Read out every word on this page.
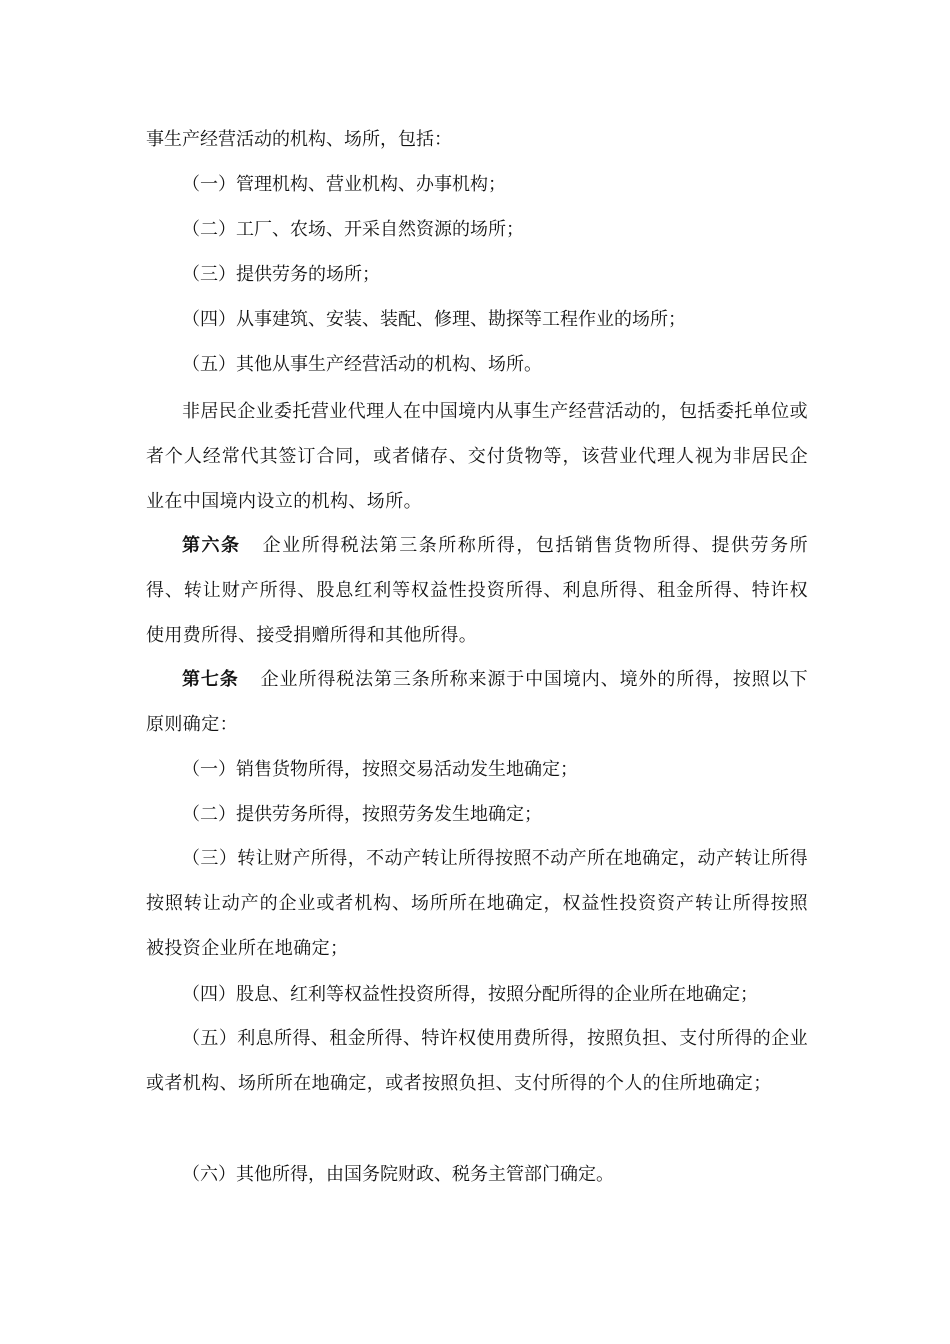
事生产经营活动的机构、场所，包括：
（一）管理机构、营业机构、办事机构；
（二）工厂、农场、开采自然资源的场所；
（三）提供劳务的场所；
（四）从事建筑、安装、装配、修理、勘探等工程作业的场所；
（五）其他从事生产经营活动的机构、场所。

非居民企业委托营业代理人在中国境内从事生产经营活动的，包括委托单位或者个人经常代其签订合同，或者储存、交付货物等，该营业代理人视为非居民企业在中国境内设立的机构、场所。

第六条 企业所得税法第三条所称所得，包括销售货物所得、提供劳务所得、转让财产所得、股息红利等权益性投资所得、利息所得、租金所得、特许权使用费所得、接受捐赠所得和其他所得。

第七条 企业所得税法第三条所称来源于中国境内、境外的所得，按照以下原则确定：

（一）销售货物所得，按照交易活动发生地确定；
（二）提供劳务所得，按照劳务发生地确定；

（三）转让财产所得，不动产转让所得按照不动产所在地确定，动产转让所得按照转让动产的企业或者机构、场所所在地确定，权益性投资资产转让所得按照被投资企业所在地确定；

（四）股息、红利等权益性投资所得，按照分配所得的企业所在地确定；

（五）利息所得、租金所得、特许权使用费所得，按照负担、支付所得的企业或者机构、场所所在地确定，或者按照负担、支付所得的个人的住所地确定；

（六）其他所得，由国务院财政、税务主管部门确定。
